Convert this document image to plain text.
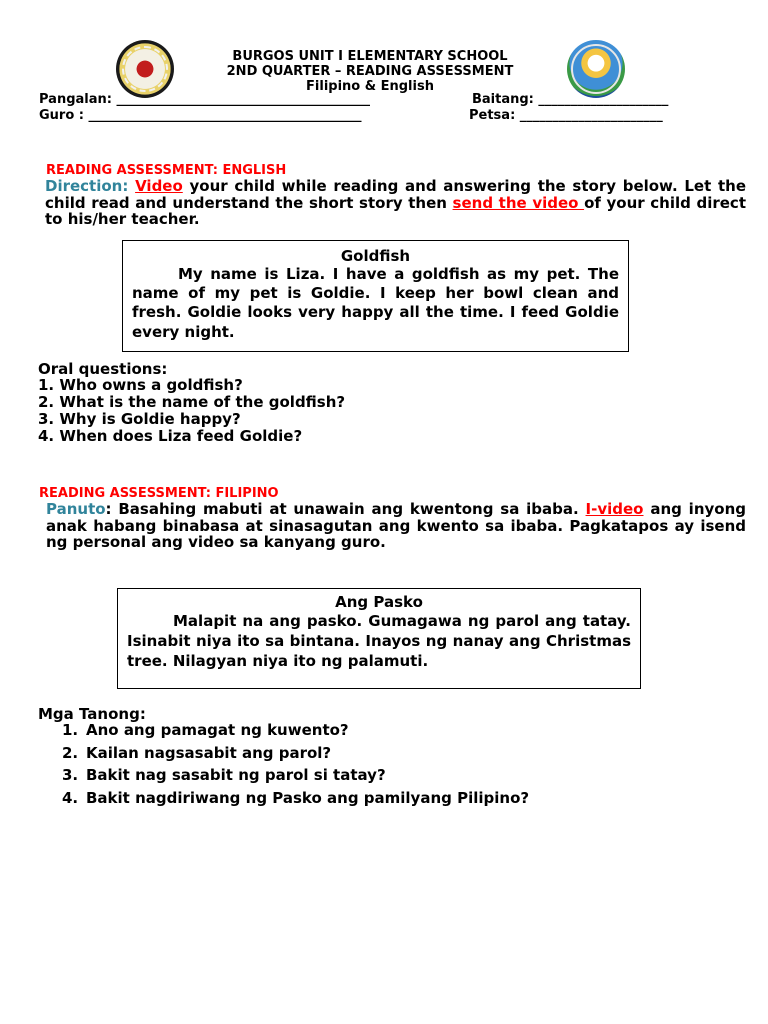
BURGOS UNIT I ELEMENTARY SCHOOL
2ND QUARTER – READING ASSESSMENT
Filipino & English
Pangalan: _______________________________________	Baitang: ____________________
Guro : __________________________________________	Petsa: ______________________
READING ASSESSMENT: ENGLISH
Direction: Video your child while reading and answering the story below. Let the child read and understand the short story then send the video of your child direct to his/her teacher.
Goldfish
My name is Liza. I have a goldfish as my pet. The name of my pet is Goldie. I keep her bowl clean and fresh. Goldie looks very happy all the time. I feed Goldie every night.
Oral questions:
1. Who owns a goldfish?
2. What is the name of the goldfish?
3. Why is Goldie happy?
4. When does Liza feed Goldie?
READING ASSESSMENT: FILIPINO
Panuto: Basahing mabuti at unawain ang kwentong sa ibaba. I-video ang inyong anak habang binabasa at sinasagutan ang kwento sa ibaba. Pagkatapos ay isend ng personal ang video sa kanyang guro.
Ang Pasko
Malapit na ang pasko. Gumagawa ng parol ang tatay. Isinabit niya ito sa bintana. Inayos ng nanay ang Christmas tree. Nilagyan niya ito ng palamuti.
Mga Tanong:
1. Ano ang pamagat ng kuwento?
2. Kailan nagsasabit ang parol?
3. Bakit nag sasabit ng parol si tatay?
4. Bakit nagdiriwang ng Pasko ang pamilyang Pilipino?
